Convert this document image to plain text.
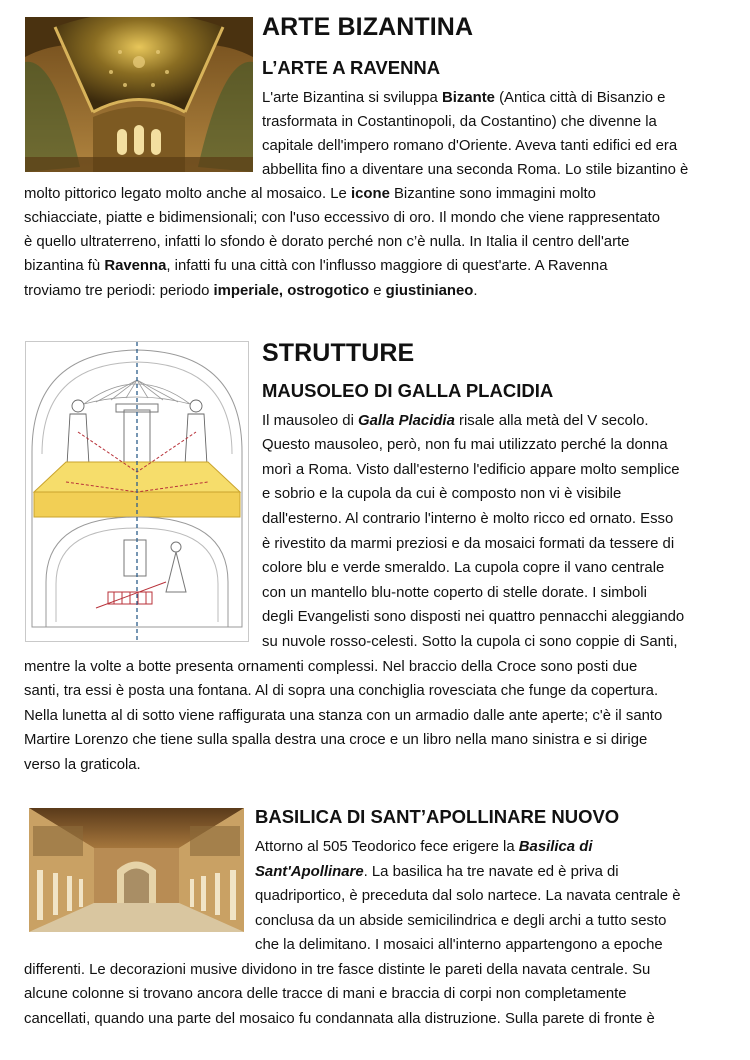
ARTE BIZANTINA
L’ARTE A RAVENNA
L'arte Bizantina si sviluppa Bizante (Antica città di Bisanzio e
trasformata in Costantinopoli, da Costantino) che divenne la
capitale dell'impero romano d'Oriente. Aveva tanti edifici ed era
abbellita fino a diventare una seconda Roma. Lo stile bizantino è
molto pittorico legato molto anche al mosaico. Le icone Bizantine sono immagini molto
schiacciate, piatte e bidimensionali; con l'uso eccessivo di oro. Il mondo che viene rappresentato
è quello ultraterreno, infatti lo sfondo è dorato perché non c’è nulla. In Italia il centro dell'arte
bizantina fù Ravenna, infatti fu una città con l'influsso maggiore di quest'arte. A Ravenna
troviamo tre periodi: periodo imperiale, ostrogotico e giustinianeo.
STRUTTURE
MAUSOLEO DI GALLA PLACIDIA
Il mausoleo di Galla Placidia risale alla metà del V secolo.
Questo mausoleo, però, non fu mai utilizzato perché la donna
morì a Roma. Visto dall'esterno l'edificio appare molto semplice
e sobrio e la cupola da cui è composto non vi è visibile
dall'esterno. Al contrario l'interno è molto ricco ed ornato. Esso
è rivestito da marmi preziosi e da mosaici formati da tessere di
colore blu e verde smeraldo. La cupola copre il vano centrale
con un mantello blu-notte coperto di stelle dorate. I simboli
degli Evangelisti sono disposti nei quattro pennacchi aleggiando
su nuvole rosso-celesti. Sotto la cupola ci sono coppie di Santi,
mentre la volte a botte presenta ornamenti complessi. Nel braccio della Croce sono posti due
santi, tra essi è posta una fontana. Al di sopra una conchiglia rovesciata che funge da copertura.
Nella lunetta al di sotto viene raffigurata una stanza con un armadio dalle ante aperte; c'è il santo
Martire Lorenzo che tiene sulla spalla destra una croce e un libro nella mano sinistra e si dirige
verso la graticola.
BASILICA DI SANT’APOLLINARE NUOVO
Attorno al 505 Teodorico fece erigere la Basilica di
Sant'Apollinare. La basilica ha tre navate ed è priva di
quadriportico, è preceduta dal solo nartece. La navata centrale è
conclusa da un abside semicilindrica e degli archi a tutto sesto
che la delimitano. I mosaici all'interno appartengono a epoche
differenti. Le decorazioni musive dividono in tre fasce distinte le pareti della navata centrale. Su
alcune colonne si trovano ancora delle tracce di mani e braccia di corpi non completamente
cancellati, quando una parte del mosaico fu condannata alla distruzione. Sulla parete di fronte è
